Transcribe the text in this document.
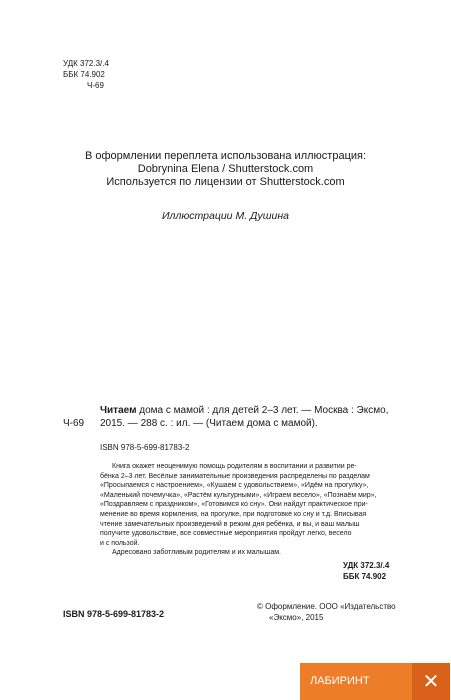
УДК 372.3/.4
ББК 74.902
Ч-69
В оформлении переплета использована иллюстрация:
Dobrynina Elena / Shutterstock.com
Используется по лицензии от Shutterstock.com
Иллюстрации М. Душина
Ч-69
Читаем дома с мамой : для детей 2–3 лет. — Москва : Эксмо, 2015. — 288 с. : ил. — (Читаем дома с мамой).
ISBN 978-5-699-81783-2
Книга окажет неоценимую помощь родителям в воспитании и развитии ре-
бёнка 2–3 лет. Весёлые занимательные произведения распределены по разделам
«Просыпаемся с настроением», «Кушаем с удовольствием», «Идём на прогулку»,
«Маленький почемучка», «Растём культурными», «Играем весело», «Познаём мир»,
«Поздравляем с праздником», «Готовимся ко сну». Они найдут практическое при-
менение во время кормления, на прогулке, при подготовке ко сну и т.д. Вписывая
чтение замечательных произведений в режим дня ребёнка, и вы, и ваш малыш
получите удовольствие, все совместные мероприятия пройдут легко, весело
и с пользой.
Адресовано заботливым родителям и их малышам.
УДК 372.3/.4
ББК 74.902
ISBN 978-5-699-81783-2
© Оформление. ООО «Издательство
«Эксмо», 2015
ЛАБИРИНТ	✕
